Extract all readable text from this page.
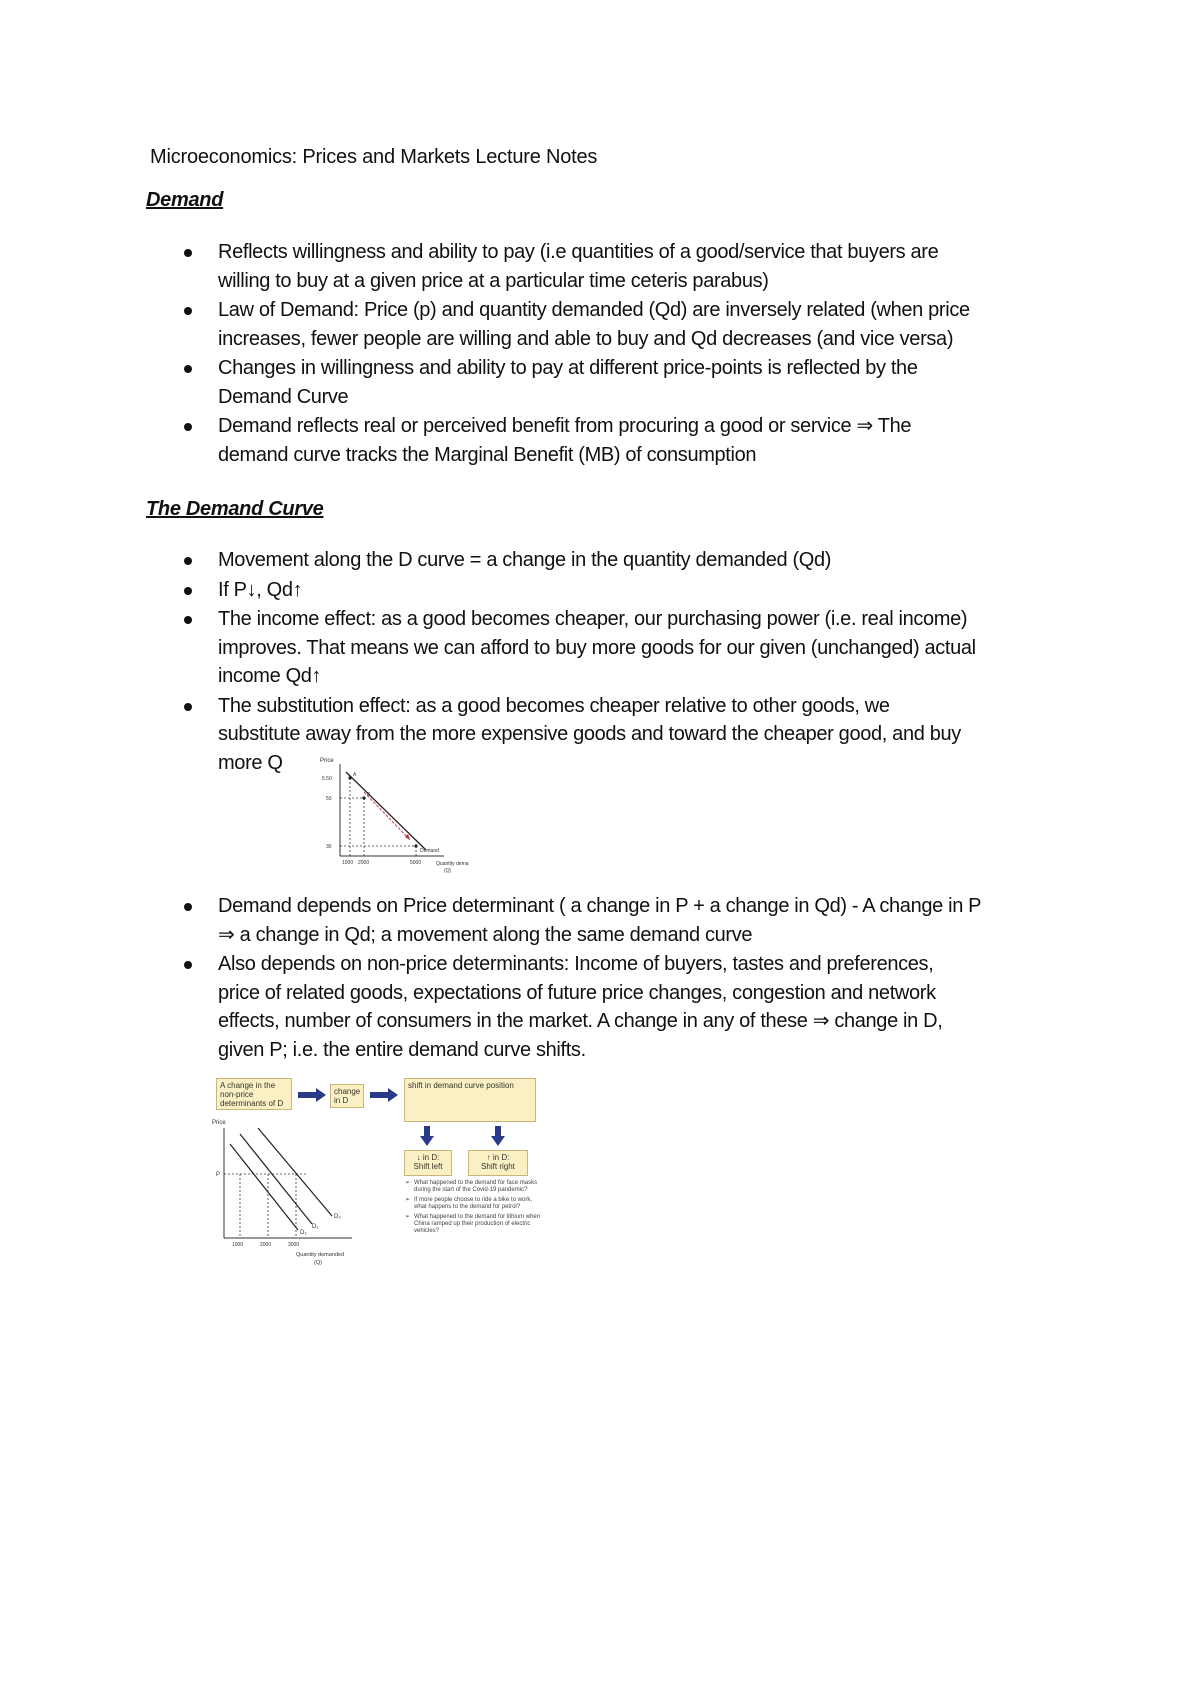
Microeconomics: Prices and Markets Lecture Notes
Demand
Reflects willingness and ability to pay (i.e quantities of a good/service that buyers are
willing to buy at a given price at a particular time ceteris parabus)
Law of Demand: Price (p) and quantity demanded (Qd) are inversely related (when price
increases, fewer people are willing and able to buy and Qd decreases (and vice versa)
Changes in willingness and ability to pay at different price-points is reflected by the
Demand Curve
Demand reflects real or perceived benefit from procuring a good or service ⇒ The
demand curve tracks the Marginal Benefit (MB) of consumption
The Demand Curve
Movement along the D curve = a change in the quantity demanded (Qd)
If P↓, Qd↑
The income effect: as a good becomes cheaper, our purchasing power (i.e. real income)
improves. That means we can afford to buy more goods for our given (unchanged) actual
income Qd↑
The substitution effect: as a good becomes cheaper relative to other goods, we
substitute away from the more expensive goods and toward the cheaper good, and buy
more Q	Price
5.50
50
30
A
B
Demand
1000 2000	5000	Quantity dema
(Q)
Demand depends on Price determinant ( a change in P + a change in Qd) - A change in P
⇒ a change in Qd; a movement along the same demand curve
Also depends on non-price determinants: Income of buyers, tastes and preferences,
price of related goods, expectations of future price changes, congestion and network
effects, number of consumers in the market. A change in any of these ⇒ change in D,
given P; i.e. the entire demand curve shifts.
A change in the
non-price
determinants of D
change
in D
shift in demand curve position
↓ in D:
Shift left
↑ in D:
Shift right
Price
P
D₂
D₁
D₀
1000	2000	3000
Quantity demanded
(Q)
➢ What happened to the demand for face masks during the start of the Covid-19 pandemic?
➢ If more people choose to ride a bike to work, what happens to the demand for petrol?
➢ What happened to the demand for lithium when China ramped up their production of electric vehicles?
